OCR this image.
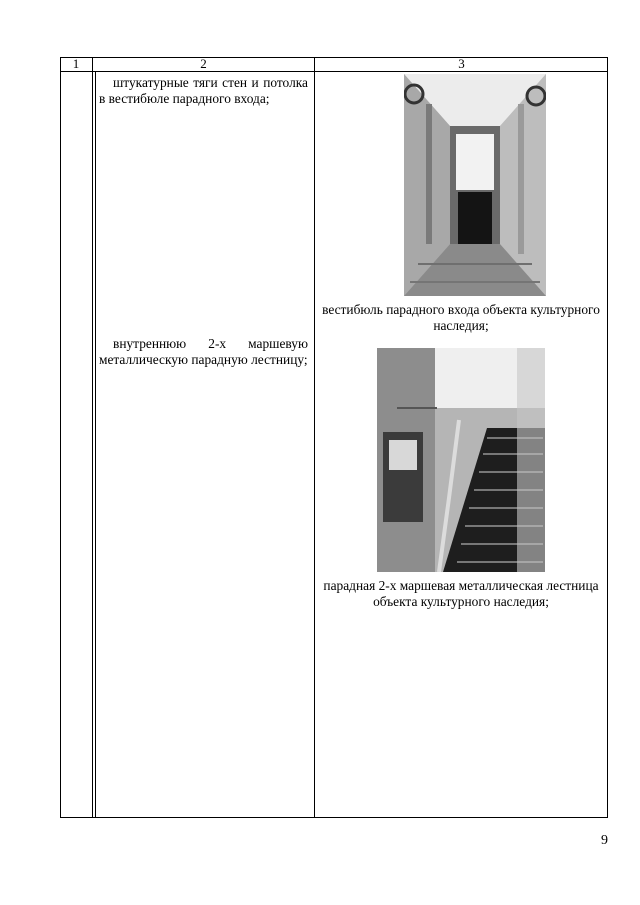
1	2	3
штукатурные тяги стен и потолка в вестибюле парадного входа;
внутреннюю 2-х маршевую металлическую парадную лестницу;
вестибюль парадного входа объекта культурного наследия;
парадная 2-х маршевая металлическая лестница объекта культурного наследия;
9
